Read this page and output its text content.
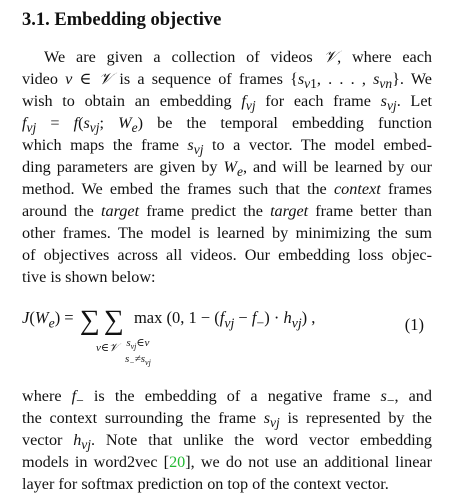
3.1. Embedding objective
We are given a collection of videos 𝒱, where each
video v ∈ 𝒱 is a sequence of frames {$s_{v1}$, . . . , $s_{vn}$}. We
wish to obtain an embedding $f_{vj}$ for each frame $s_{vj}$. Let
$f_{vj} = f(s_{vj}$; $W_e$) be the temporal embedding function
which maps the frame $s_{vj}$ to a vector. The model embed-
ding parameters are given by $W_e$, and will be learned by our
method. We embed the frames such that the context frames
around the target frame predict the target frame better than
other frames. The model is learned by minimizing the sum
of objectives across all videos. Our embedding loss objec-
tive is shown below:
$J(W_e)$ = ∑ ∑  max (0, $1 - (f_{vj} - f_-) \cdot h_{vj}$) ,
v∈𝒱 $s_{vj}\in v$
$s_-\ne s_{vj}$
(1)
where $f_-$ is the embedding of a negative frame $s_-$, and
the context surrounding the frame $s_{vj}$ is represented by the
vector $h_{vj}$. Note that unlike the word vector embedding
models in word2vec [20], we do not use an additional linear
layer for softmax prediction on top of the context vector.
